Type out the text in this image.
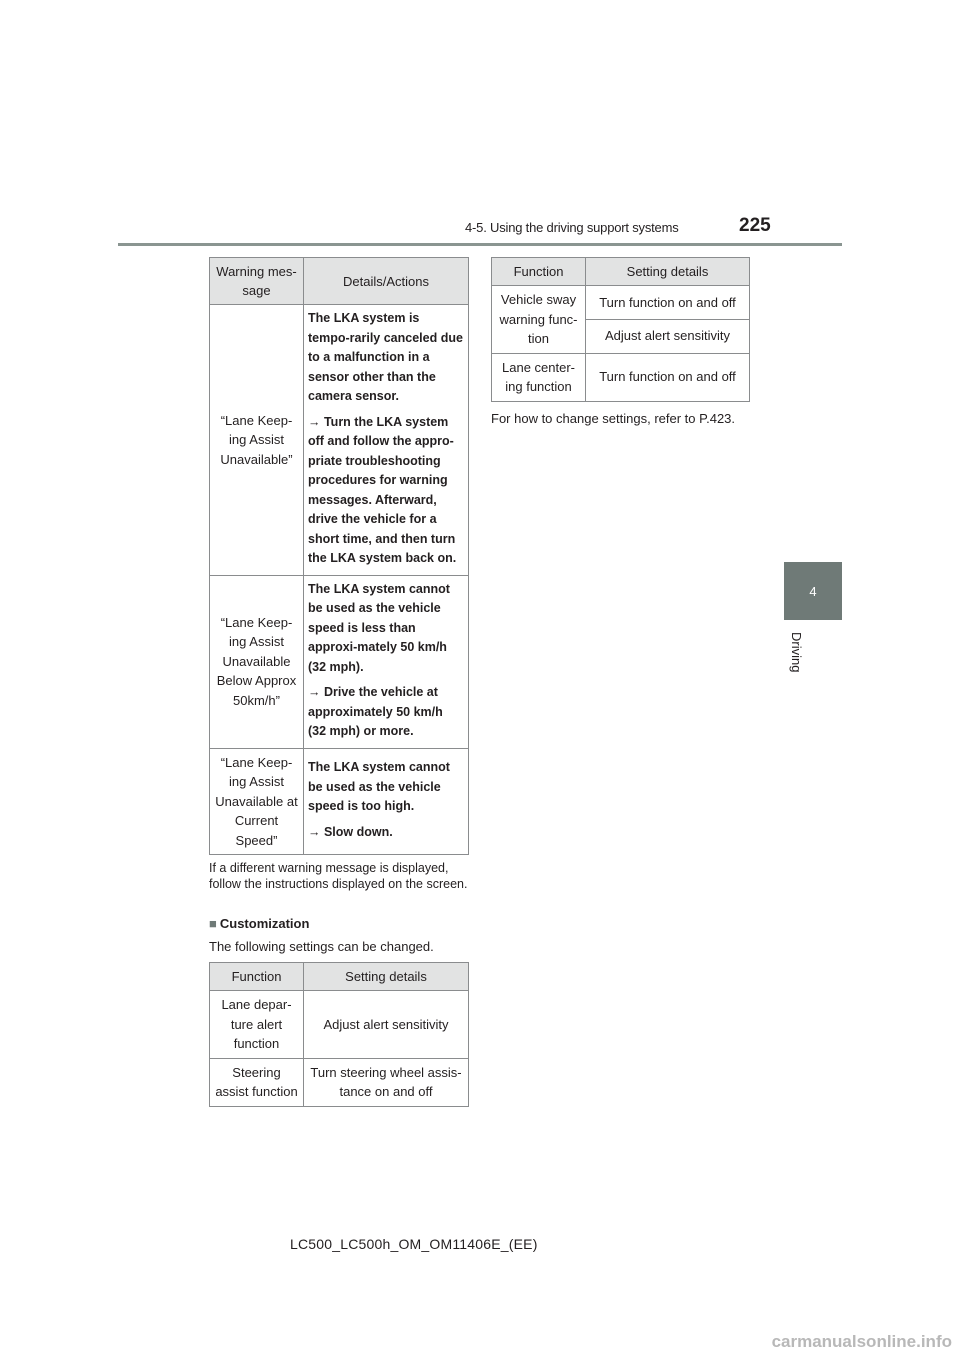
4-5. Using the driving support systems	225
4
Driving
Warning mes-sage	Details/Actions
“Lane Keep-ing Assist Unavailable”	The LKA system is tempo-rarily canceled due to a malfunction in a sensor other than the camera sensor.

→ Turn the LKA system off and follow the appro-priate troubleshooting procedures for warning messages. Afterward, drive the vehicle for a short time, and then turn the LKA system back on.

“Lane Keep-ing Assist Unavailable Below Approx 50km/h”	The LKA system cannot be used as the vehicle speed is less than approxi-mately 50 km/h (32 mph).

→ Drive the vehicle at approximately 50 km/h (32 mph) or more.

“Lane Keep-ing Assist Unavailable at Current Speed”	The LKA system cannot be used as the vehicle speed is too high.

→ Slow down.

If a different warning message is displayed, follow the instructions displayed on the screen.
■ Customization
The following settings can be changed.
Function	Setting details
Lane depar-ture alert function	Adjust alert sensitivity
Steering assist function	Turn steering wheel assis-tance on and off
Function	Setting details
Vehicle sway warning func-tion	Turn function on and off
	Adjust alert sensitivity
Lane center-ing function	Turn function on and off
For how to change settings, refer to P.423.
LC500_LC500h_OM_OM11406E_(EE)
carmanualsonline.info
